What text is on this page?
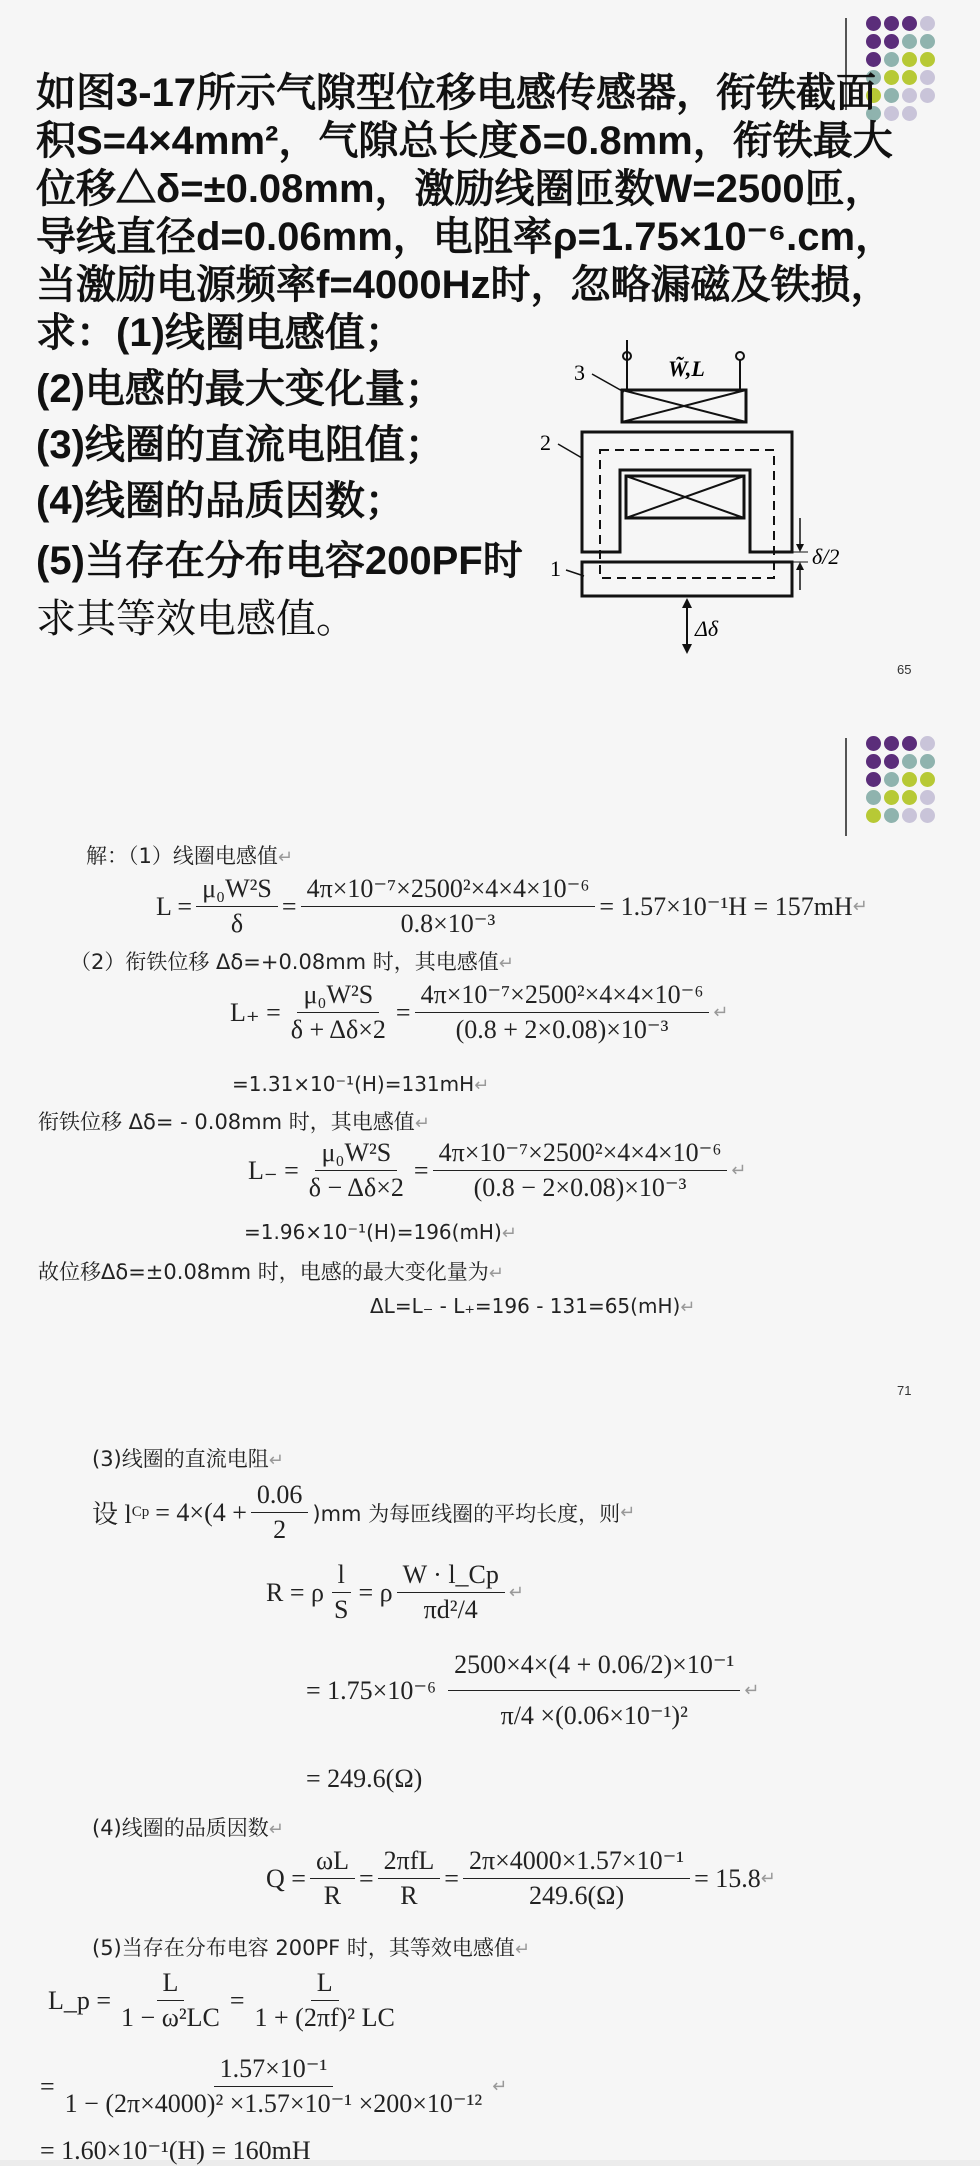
如图3-17所示气隙型位移电感传感器，衔铁截面
积S=4×4mm²，气隙总长度δ=0.8mm，衔铁最大
位移△δ=±0.08mm，激励线圈匝数W=2500匝，
导线直径d=0.06mm，电阻率ρ=1.75×10⁻⁶.cm，
当激励电源频率f=4000Hz时，忽略漏磁及铁损，
求：(1)线圈电感值；
(2)电感的最大变化量；
(3)线圈的直流电阻值；
(4)线圈的品质因数；
(5)当存在分布电容200PF时
求其等效电感值。
3
2
1
W̃,L
δ/2
Δδ
65
解：（1）线圈电感值↵
$L = \frac{\text{μ₀W²S}}{\delta} = \frac{\text{4π×10⁻⁷×2500²×4×4×10⁻⁶}}{\text{0.8×10⁻³}} = 1.57\times 10^{-1}H = 157mH$ ↵
（2）衔铁位移 Δδ=+0.08mm 时，其电感值↵
$L_+ = \frac{\text{μ₀W²S}}{\delta + \Delta\delta\times 2} = \frac{\text{4π×10⁻⁷×2500²×4×4×10⁻⁶}}{\text{(0.8 + 2×0.08)×10⁻³}}$ ↵
=1.31×10⁻¹(H)=131mH↵
衔铁位移 Δδ= - 0.08mm 时，其电感值↵
$L_- = \frac{\text{μ₀W²S}}{\delta - \Delta\delta\times 2} = \frac{\text{4π×10⁻⁷×2500²×4×4×10⁻⁶}}{\text{(0.8 − 2×0.08)×10⁻³}}$ ↵
=1.96×10⁻¹(H)=196(mH)↵
故位移Δδ=±0.08mm 时，电感的最大变化量为↵
ΔL=L₋ - L₊=196 - 131=65(mH)↵
71
(3)线圈的直流电阻↵
设 l $Cp = 4\times(4 + \frac{0.06}{2} )mm$ 为每匝线圈的平均长度，则 ↵
R = ρ $\frac{l}{S} = \rho \frac{W \cdot l\_Cp}{\text{πd²/4}}$ ↵
= $1.75\times 10^{-6} \frac{\text{2500×4×(4 + 0.06/2)×10⁻¹}}{\text{π/4 ×(0.06×10⁻¹)²}}$ ↵
= 249.6(Ω)
(4)线圈的品质因数↵
$Q = \frac{\omega L}{R} = \frac{\text{2πfL}}{R} = \frac{\text{2π×4000×1.57×10⁻¹}}{249.6(\Omega)} = 15.8$ ↵
(5)当存在分布电容 200PF 时，其等效电感值↵
L_p = $\frac{L}{\text{1 − ω²LC}} = \frac{L}{\text{1 + (2πf)² LC}}$
= $\frac{\text{1.57×10⁻¹}}{\text{1 − (2π×4000)² ×1.57×10⁻¹ ×200×10⁻¹²}}$ ↵
= 1.60×10⁻¹(H) = 160mH
